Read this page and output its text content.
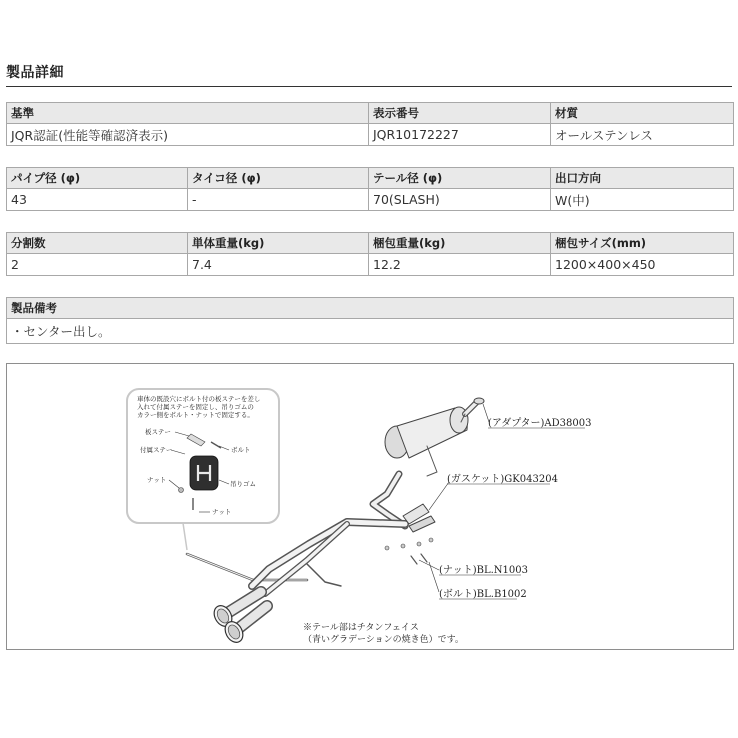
製品詳細
基準	表示番号	材質
JQR認証(性能等確認済表示)	JQR10172227	オールステンレス
パイプ径 (φ)	タイコ径 (φ)	テール径 (φ)	出口方向
43	-	70(SLASH)	W(中)
分割数	単体重量(kg)	梱包重量(kg)	梱包サイズ(mm)
2	7.4	12.2	1200×400×450
製品備考
・センター出し。
車体の既設穴にボルト付の板ステーを差し
入れて付属ステーを固定し、吊りゴムの
カラー側をボルト・ナットで固定する。
板ステー
付属ステー	ボルト
吊りゴム
ナット
ナット
(アダプター)AD38003
(ガスケット)GK043204
(ナット)BL.N1003
(ボルト)BL.B1002
※テール部はチタンフェイス
（青いグラデーションの焼き色）です。
